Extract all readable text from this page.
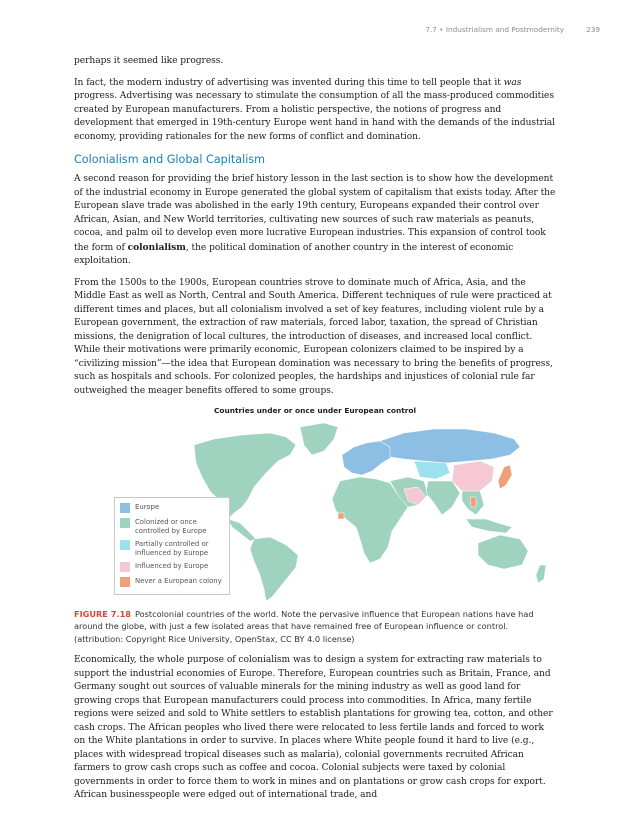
7.7 • Industrialism and Postmodernity	239

perhaps it seemed like progress.

In fact, the modern industry of advertising was invented during this time to tell people that it was progress. Advertising was necessary to stimulate the consumption of all the mass-produced commodities created by European manufacturers. From a holistic perspective, the notions of progress and development that emerged in 19th-century Europe went hand in hand with the demands of the industrial economy, providing rationales for the new forms of conflict and domination.

Colonialism and Global Capitalism

A second reason for providing the brief history lesson in the last section is to show how the development of the industrial economy in Europe generated the global system of capitalism that exists today. After the European slave trade was abolished in the early 19th century, Europeans expanded their control over African, Asian, and New World territories, cultivating new sources of such raw materials as peanuts, cocoa, and palm oil to develop even more lucrative European industries. This expansion of control took the form of colonialism, the political domination of another country in the interest of economic exploitation.

From the 1500s to the 1900s, European countries strove to dominate much of Africa, Asia, and the Middle East as well as North, Central and South America. Different techniques of rule were practiced at different times and places, but all colonialism involved a set of key features, including violent rule by a European government, the extraction of raw materials, forced labor, taxation, the spread of Christian missions, the denigration of local cultures, the introduction of diseases, and increased local conflict. While their motivations were primarily economic, European colonizers claimed to be inspired by a “civilizing mission”—the idea that European domination was necessary to bring the benefits of progress, such as hospitals and schools. For colonized peoples, the hardships and injustices of colonial rule far outweighed the meager benefits offered to some groups.

Countries under or once under European control
Europe
Colonized or once controlled by Europe
Partially controlled or influenced by Europe
Influenced by Europe
Never a European colony
FIGURE 7.18 Postcolonial countries of the world. Note the pervasive influence that European nations have had around the globe, with just a few isolated areas that have remained free of European influence or control. (attribution: Copyright Rice University, OpenStax, CC BY 4.0 license)

Economically, the whole purpose of colonialism was to design a system for extracting raw materials to support the industrial economies of Europe. Therefore, European countries such as Britain, France, and Germany sought out sources of valuable minerals for the mining industry as well as good land for growing crops that European manufacturers could process into commodities. In Africa, many fertile regions were seized and sold to White settlers to establish plantations for growing tea, cotton, and other cash crops. The African peoples who lived there were relocated to less fertile lands and forced to work on the White plantations in order to survive. In places where White people found it hard to live (e.g., places with widespread tropical diseases such as malaria), colonial governments recruited African farmers to grow cash crops such as coffee and cocoa. Colonial subjects were taxed by colonial governments in order to force them to work in mines and on plantations or grow cash crops for export. African businesspeople were edged out of international trade, and
